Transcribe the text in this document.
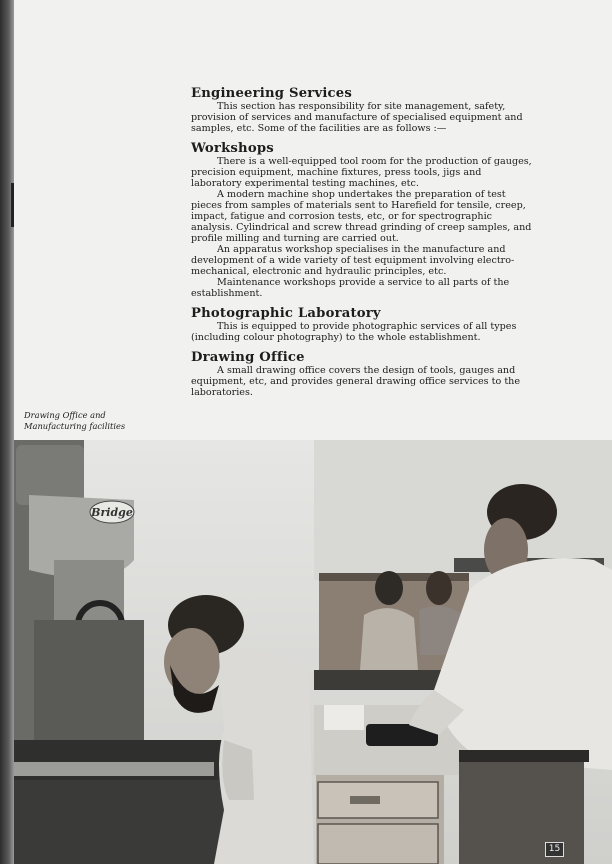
Engineering Services

This section has responsibility for site management, safety, provision of services and manufacture of specialised equipment and samples, etc. Some of the facilities are as follows :—

Workshops

There is a well-equipped tool room for the production of gauges, precision equipment, machine fixtures, press tools, jigs and laboratory experimental testing machines, etc.

A modern machine shop undertakes the preparation of test pieces from samples of materials sent to Harefield for tensile, creep, impact, fatigue and corrosion tests, etc, or for spectrographic analysis. Cylindrical and screw thread grinding of creep samples, and profile milling and turning are carried out.

An apparatus workshop specialises in the manufacture and development of a wide variety of test equipment involving electro-mechanical, electronic and hydraulic principles, etc.

Maintenance workshops provide a service to all parts of the establishment.

Photographic Laboratory

This is equipped to provide photographic services of all types (including colour photography) to the whole establishment.

Drawing Office

A small drawing office covers the design of tools, gauges and equipment, etc, and provides general drawing office services to the laboratories.

Drawing Office and
Manufacturing facilities
Bridge
15
